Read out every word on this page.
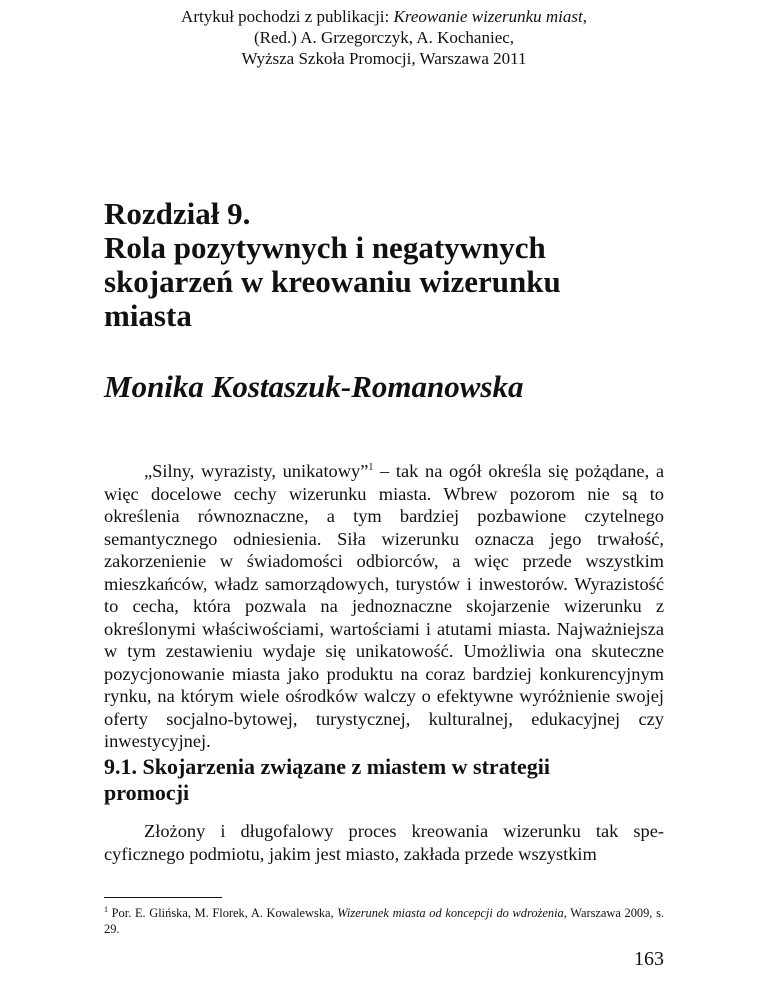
Artykuł pochodzi z publikacji: Kreowanie wizerunku miast,
(Red.) A. Grzegorczyk, A. Kochaniec,
Wyższa Szkoła Promocji, Warszawa 2011
Rozdział 9.
Rola pozytywnych i negatywnych
skojarzeń w kreowaniu wizerunku
miasta
Monika Kostaszuk-Romanowska

„Silny, wyrazisty, unikatowy”$^1$ – tak na ogół określa się pożądane, a więc docelowe cechy wizerunku miasta. Wbrew pozorom nie są to określenia równoznaczne, a tym bardziej pozbawione czytelnego semantycznego odniesienia. Siła wizerunku oznacza jego trwałość, zakorzenienie w świadomości odbiorców, a więc przede wszystkim mieszkańców, władz samorządowych, turystów i inwestorów. Wyrazistość to cecha, która pozwala na jednoznaczne skojarzenie wizerunku z określonymi właściwościami, wartościami i atutami miasta. Najważniejsza w tym zestawieniu wydaje się unikatowość. Umożliwia ona skuteczne pozycjonowanie miasta jako produktu na coraz bardziej konkurencyjnym rynku, na którym wiele ośrodków walczy o efektywne wyróżnienie swojej oferty socjalno-bytowej, turystycznej, kulturalnej, edukacyjnej czy inwestycyjnej.

9.1. Skojarzenia związane z miastem w strategii
promocji

Złożony i długofalowy proces kreowania wizerunku tak specyficznego podmiotu, jakim jest miasto, zakłada przede wszystkim

$^1$ Por. E. Glińska, M. Florek, A. Kowalewska, Wizerunek miasta od koncepcji do wdrożenia, Warszawa 2009, s. 29.

163
